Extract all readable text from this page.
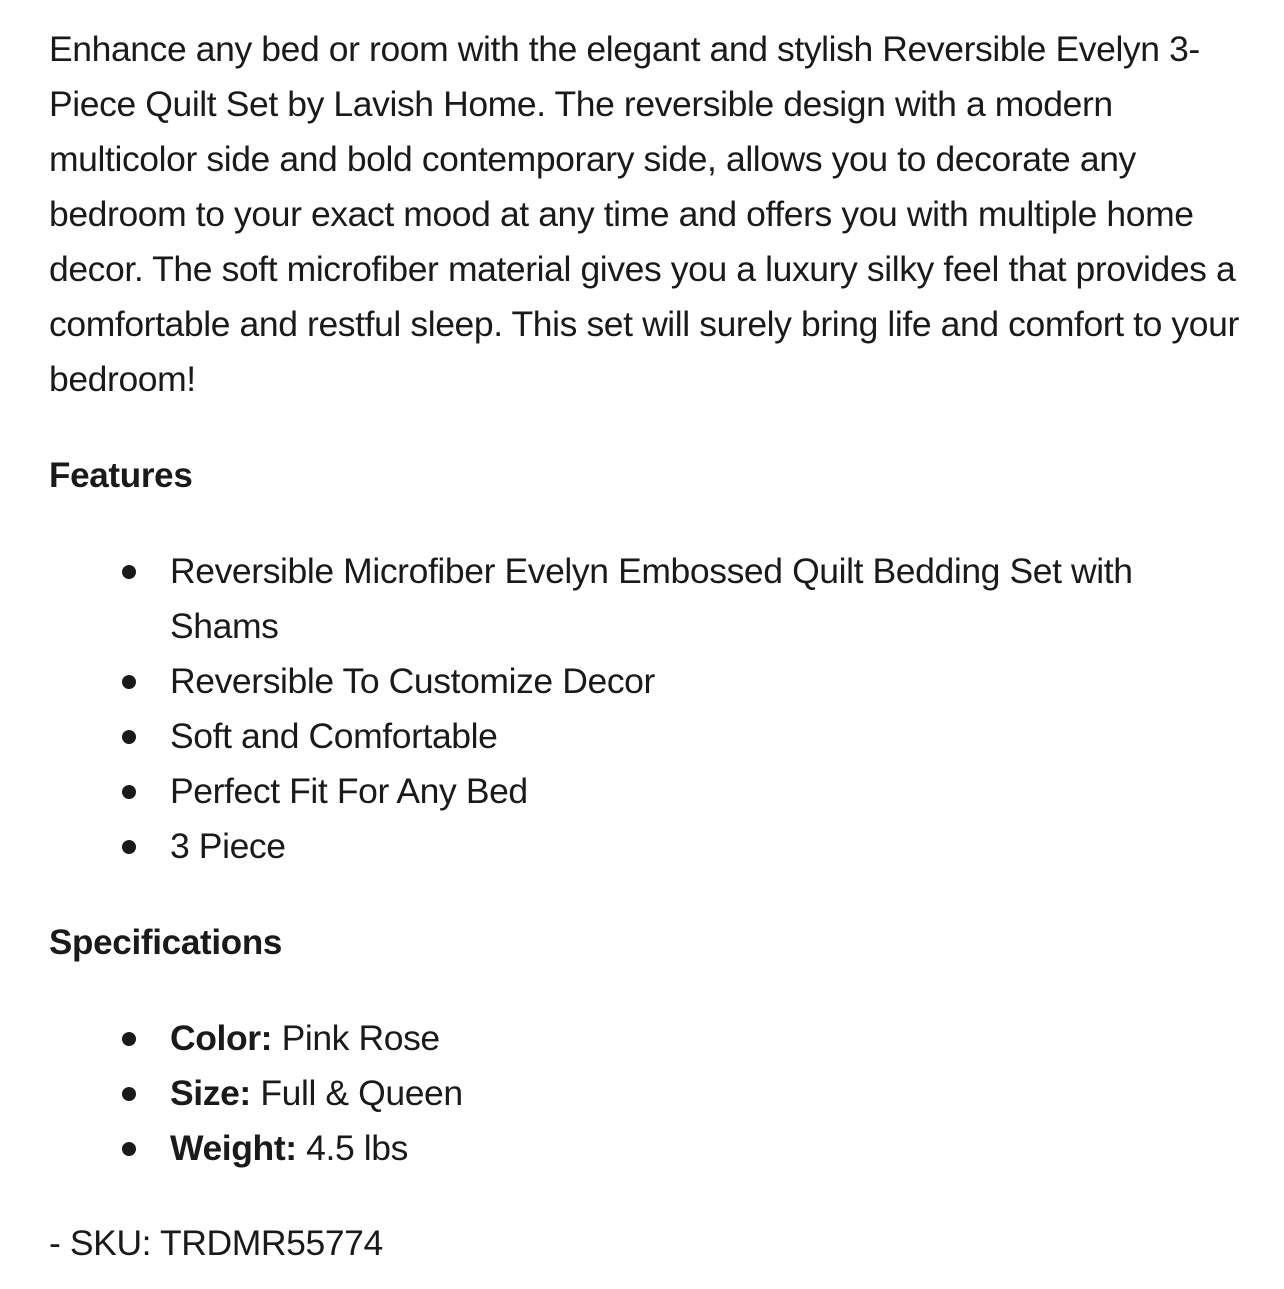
Enhance any bed or room with the elegant and stylish Reversible Evelyn 3-Piece Quilt Set by Lavish Home. The reversible design with a modern multicolor side and bold contemporary side, allows you to decorate any bedroom to your exact mood at any time and offers you with multiple home decor. The soft microfiber material gives you a luxury silky feel that provides a comfortable and restful sleep. This set will surely bring life and comfort to your bedroom!

Features
Reversible Microfiber Evelyn Embossed Quilt Bedding Set with Shams
Reversible To Customize Decor
Soft and Comfortable
Perfect Fit For Any Bed
3 Piece
Specifications
Color: Pink Rose
Size: Full & Queen
Weight: 4.5 lbs

- SKU: TRDMR55774
